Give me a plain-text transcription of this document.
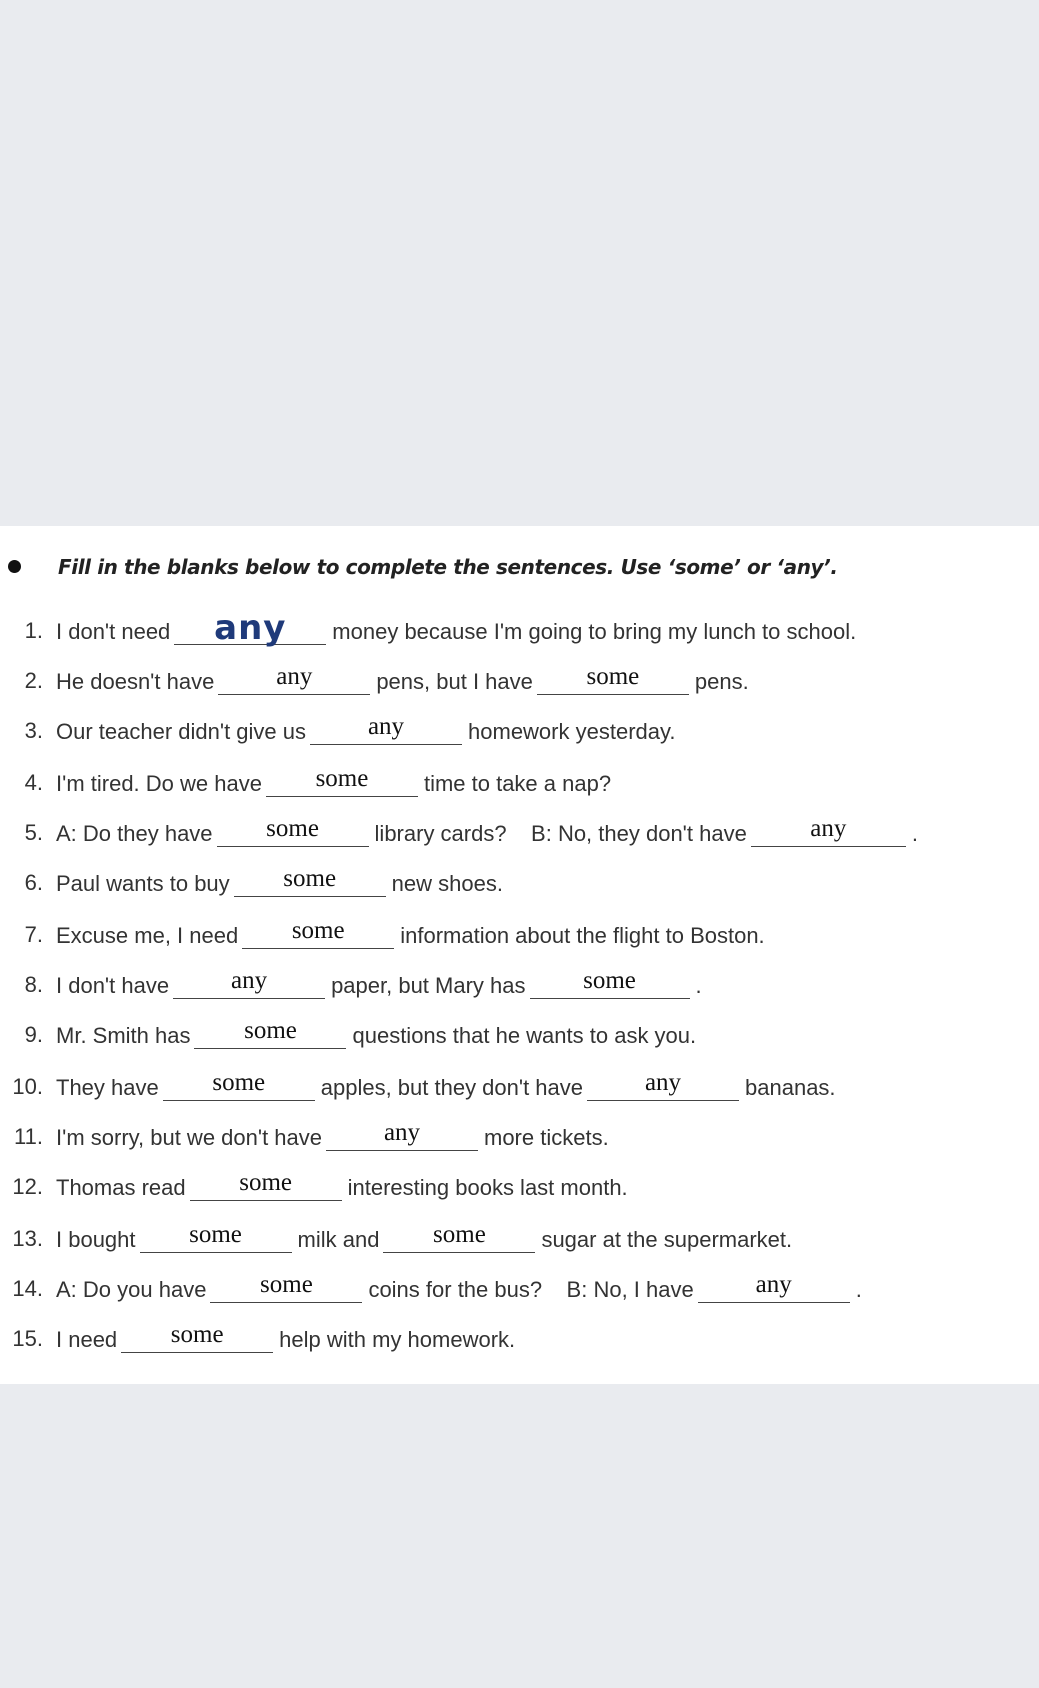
Fill in the blanks below to complete the sentences. Use ‘some’ or ‘any’.
1. I don't need	any	money because I'm going to bring my lunch to school.
2. He doesn't have	any	pens, but I have	some	pens.
3. Our teacher didn't give us	any	homework yesterday.
4. I'm tired. Do we have	some	time to take a nap?
5. A: Do they have	some	library cards?    B: No, they don't have	any	.
6. Paul wants to buy	some	new shoes.
7. Excuse me, I need	some	information about the flight to Boston.
8. I don't have	any	paper, but Mary has	some	.
9. Mr. Smith has	some	questions that he wants to ask you.
10. They have	some	apples, but they don't have	any	bananas.
11. I'm sorry, but we don't have	any	more tickets.
12. Thomas read	some	interesting books last month.
13. I bought	some	milk and	some	sugar at the supermarket.
14. A: Do you have	some	coins for the bus?    B: No, I have	any	.
15. I need	some	help with my homework.
